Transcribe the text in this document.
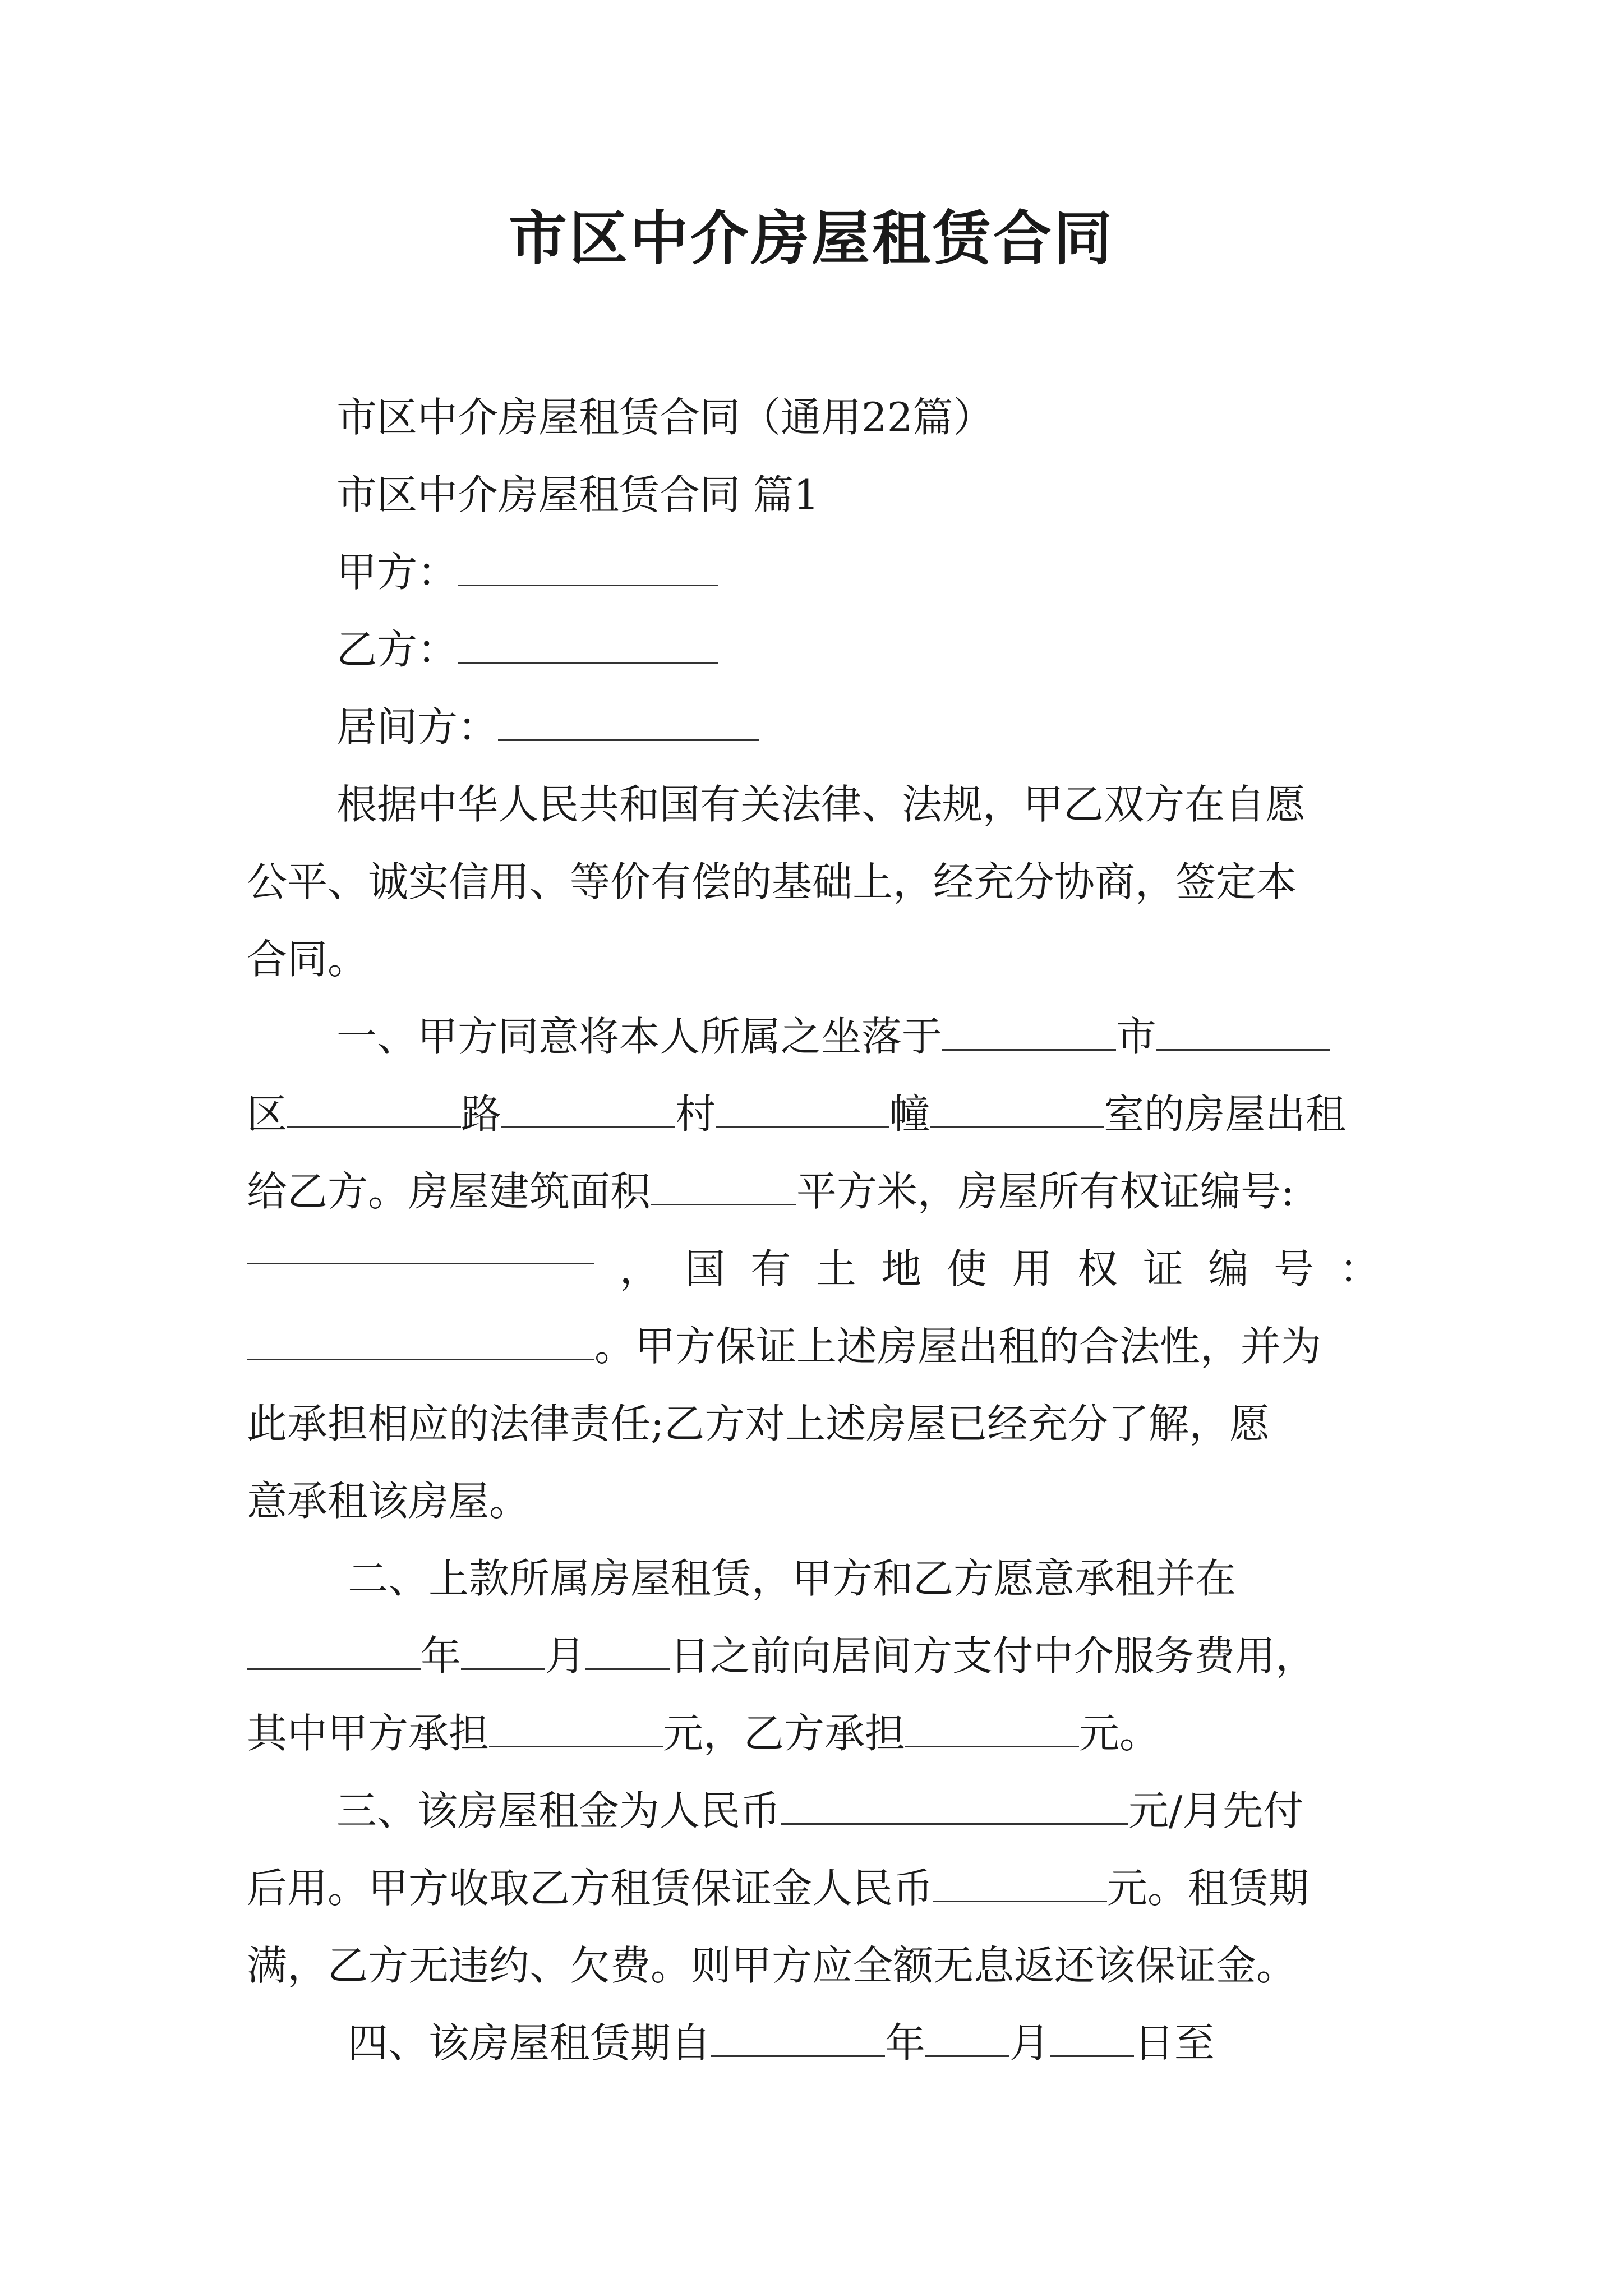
市区中介房屋租赁合同
市区中介房屋租赁合同（通用22篇）
市区中介房屋租赁合同 篇1
甲方：
乙方：
居间方：
根据中华人民共和国有关法律、法规，甲乙双方在自愿
公平、诚实信用、等价有偿的基础上，经充分协商，签定本
合同。
一、甲方同意将本人所属之坐落于	市
区	路	村	幢	室的房屋出租
给乙方。房屋建筑面积	平方米，房屋所有权证编号:
， 国 有 土 地 使 用 权 证 编 号 ：
。甲方保证上述房屋出租的合法性，并为
此承担相应的法律责任;乙方对上述房屋已经充分了解，愿
意承租该房屋。
二、上款所属房屋租赁，甲方和乙方愿意承租并在
年 月 日之前向居间方支付中介服务费用，
其中甲方承担	元，乙方承担	元。
三、该房屋租金为人民币	元/月先付
后用。甲方收取乙方租赁保证金人民币	元。租赁期
满，乙方无违约、欠费。则甲方应全额无息返还该保证金。
四、该房屋租赁期自	年 月 日至
